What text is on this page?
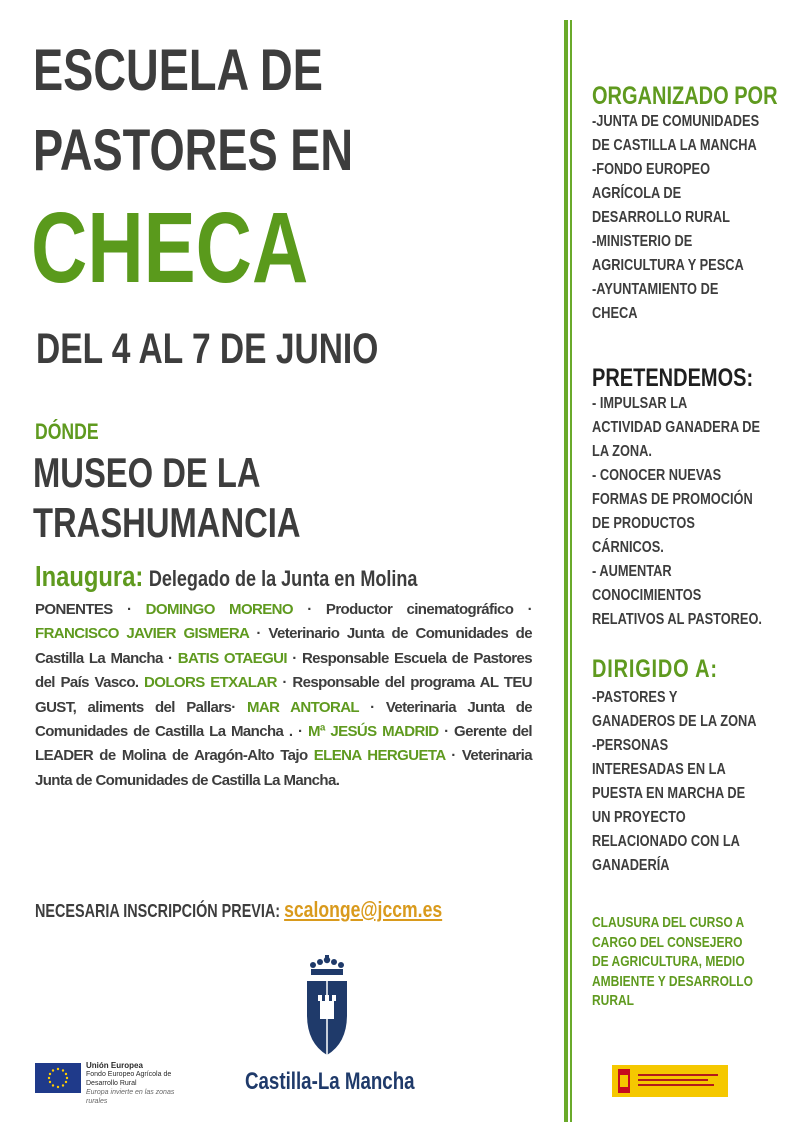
ESCUELA DE
PASTORES EN
CHECA
DEL 4 AL 7 DE JUNIO
DÓNDE
MUSEO DE LA
TRASHUMANCIA
Inaugura: Delegado de la Junta en Molina
PONENTES · DOMINGO MORENO · Productor cinematográfico · FRANCISCO JAVIER GISMERA · Veterinario Junta de Comunidades de Castilla La Mancha · BATIS OTAEGUI · Responsable Escuela de Pastores del País Vasco. DOLORS ETXALAR · Responsable del programa AL TEU GUST, aliments del Pallars· MAR ANTORAL · Veterinaria Junta de Comunidades de Castilla La Mancha . · Mª JESÚS MADRID · Gerente del LEADER de Molina de Aragón-Alto Tajo ELENA HERGUETA · Veterinaria Junta de Comunidades de Castilla La Mancha.
NECESARIA INSCRIPCIÓN PREVIA: scalonge@jccm.es
ORGANIZADO POR
-JUNTA DE COMUNIDADES
DE CASTILLA LA MANCHA
-FONDO EUROPEO
AGRÍCOLA DE
DESARROLLO RURAL
-MINISTERIO DE
AGRICULTURA Y PESCA
-AYUNTAMIENTO DE
CHECA
PRETENDEMOS:
- IMPULSAR LA
ACTIVIDAD GANADERA DE
LA ZONA.
- CONOCER NUEVAS
FORMAS DE PROMOCIÓN
DE PRODUCTOS
CÁRNICOS.
- AUMENTAR
CONOCIMIENTOS
RELATIVOS AL PASTOREO.
DIRIGIDO A:
-PASTORES Y
GANADEROS DE LA ZONA
-PERSONAS
INTERESADAS EN LA
PUESTA EN MARCHA DE
UN PROYECTO
RELACIONADO CON LA
GANADERÍA
CLAUSURA DEL CURSO A
CARGO DEL CONSEJERO
DE AGRICULTURA, MEDIO
AMBIENTE Y DESARROLLO
RURAL
Unión Europea
Fondo Europeo Agrícola de Desarrollo Rural
Europa invierte en las zonas rurales
Castilla-La Mancha
